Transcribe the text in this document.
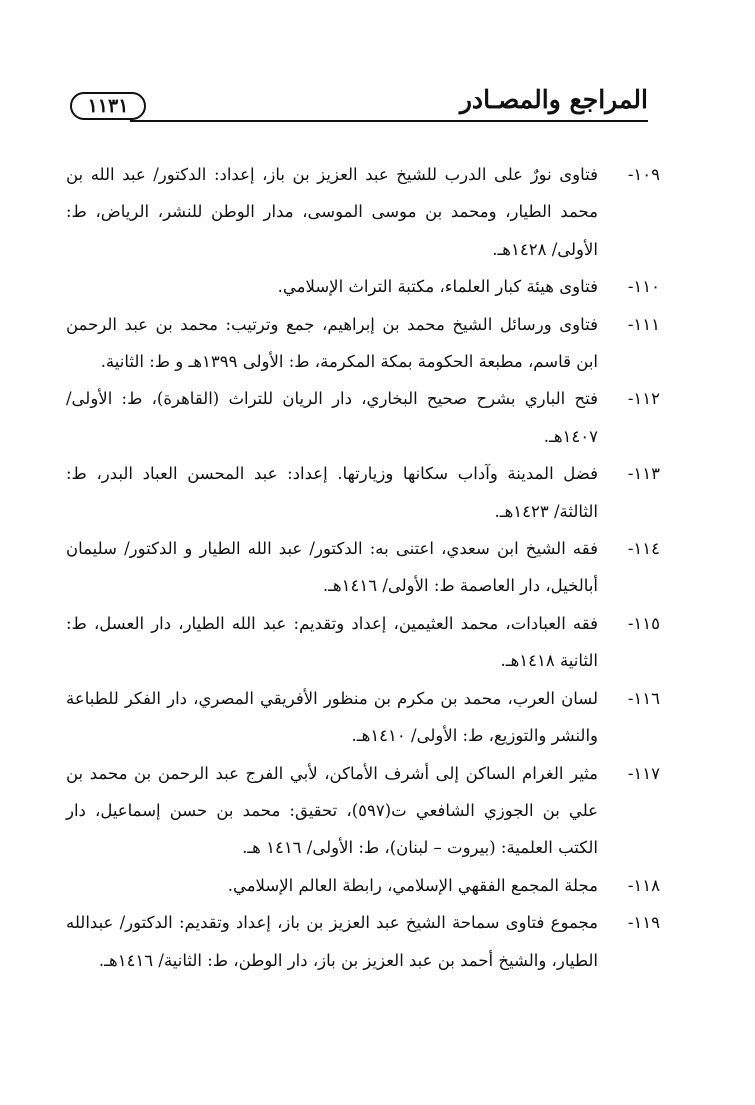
المراجع والمصـادر
١١٣١
١٠٩-
فتاوى نورٌ على الدرب للشيخ عبد العزيز بن باز، إعداد: الدكتور/ عبد الله بن محمد الطيار، ومحمد بن موسى الموسى، مدار الوطن للنشر، الرياض، ط: الأولى/ ١٤٢٨هـ.
١١٠-
فتاوى هيئة كبار العلماء، مكتبة التراث الإسلامي.
١١١-
فتاوى ورسائل الشيخ محمد بن إبراهيم، جمع وترتيب: محمد بن عبد الرحمن ابن قاسم، مطبعة الحكومة بمكة المكرمة، ط: الأولى ١٣٩٩هـ و ط: الثانية.
١١٢-
فتح الباري بشرح صحيح البخاري، دار الريان للتراث (القاهرة)، ط: الأولى/ ١٤٠٧هـ.
١١٣-
فضل المدينة وآداب سكانها وزيارتها. إعداد: عبد المحسن العباد البدر، ط: الثالثة/ ١٤٢٣هـ.
١١٤-
فقه الشيخ ابن سعدي، اعتنى به: الدكتور/ عبد الله الطيار و الدكتور/ سليمان أبالخيل، دار العاصمة ط: الأولى/ ١٤١٦هـ.
١١٥-
فقه العبادات، محمد العثيمين، إعداد وتقديم: عبد الله الطيار، دار العسل، ط: الثانية ١٤١٨هـ.
١١٦-
لسان العرب، محمد بن مكرم بن منظور الأفريقي المصري، دار الفكر للطباعة والنشر والتوزيع، ط: الأولى/ ١٤١٠هـ.
١١٧-
مثير الغرام الساكن إلى أشرف الأماكن، لأبي الفرج عبد الرحمن بن محمد بن علي بن الجوزي الشافعي ت(٥٩٧)، تحقيق: محمد بن حسن إسماعيل، دار الكتب العلمية: (بيروت – لبنان)، ط: الأولى/ ١٤١٦ هـ.
١١٨-
مجلة المجمع الفقهي الإسلامي، رابطة العالم الإسلامي.
١١٩-
مجموع فتاوى سماحة الشيخ عبد العزيز بن باز، إعداد وتقديم: الدكتور/ عبدالله الطيار، والشيخ أحمد بن عبد العزيز بن باز، دار الوطن، ط: الثانية/ ١٤١٦هـ.
